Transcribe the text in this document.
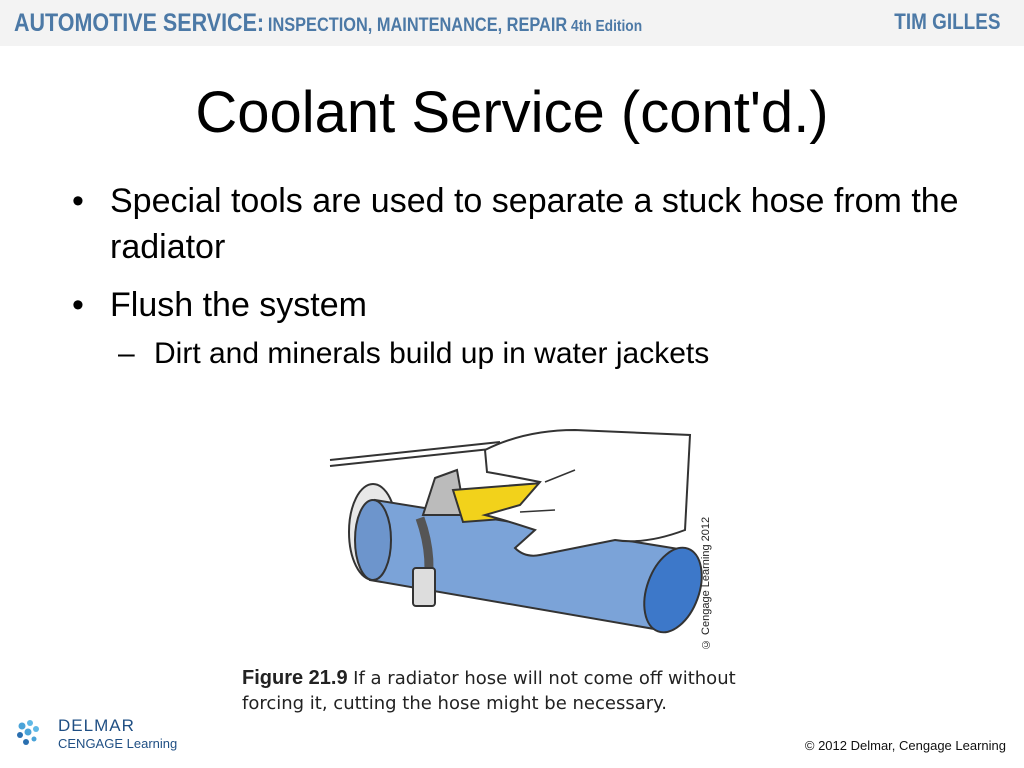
AUTOMOTIVE SERVICE: INSPECTION, MAINTENANCE, REPAIR 4th Edition	TIM GILLES
Coolant Service (cont'd.)
• Special tools are used to separate a stuck hose from the radiator
• Flush the system
– Dirt and minerals build up in water jackets
© Cengage Learning 2012
Figure 21.9 If a radiator hose will not come off without forcing it, cutting the hose might be necessary.
DELMAR
CENGAGE Learning	© 2012 Delmar, Cengage Learning
